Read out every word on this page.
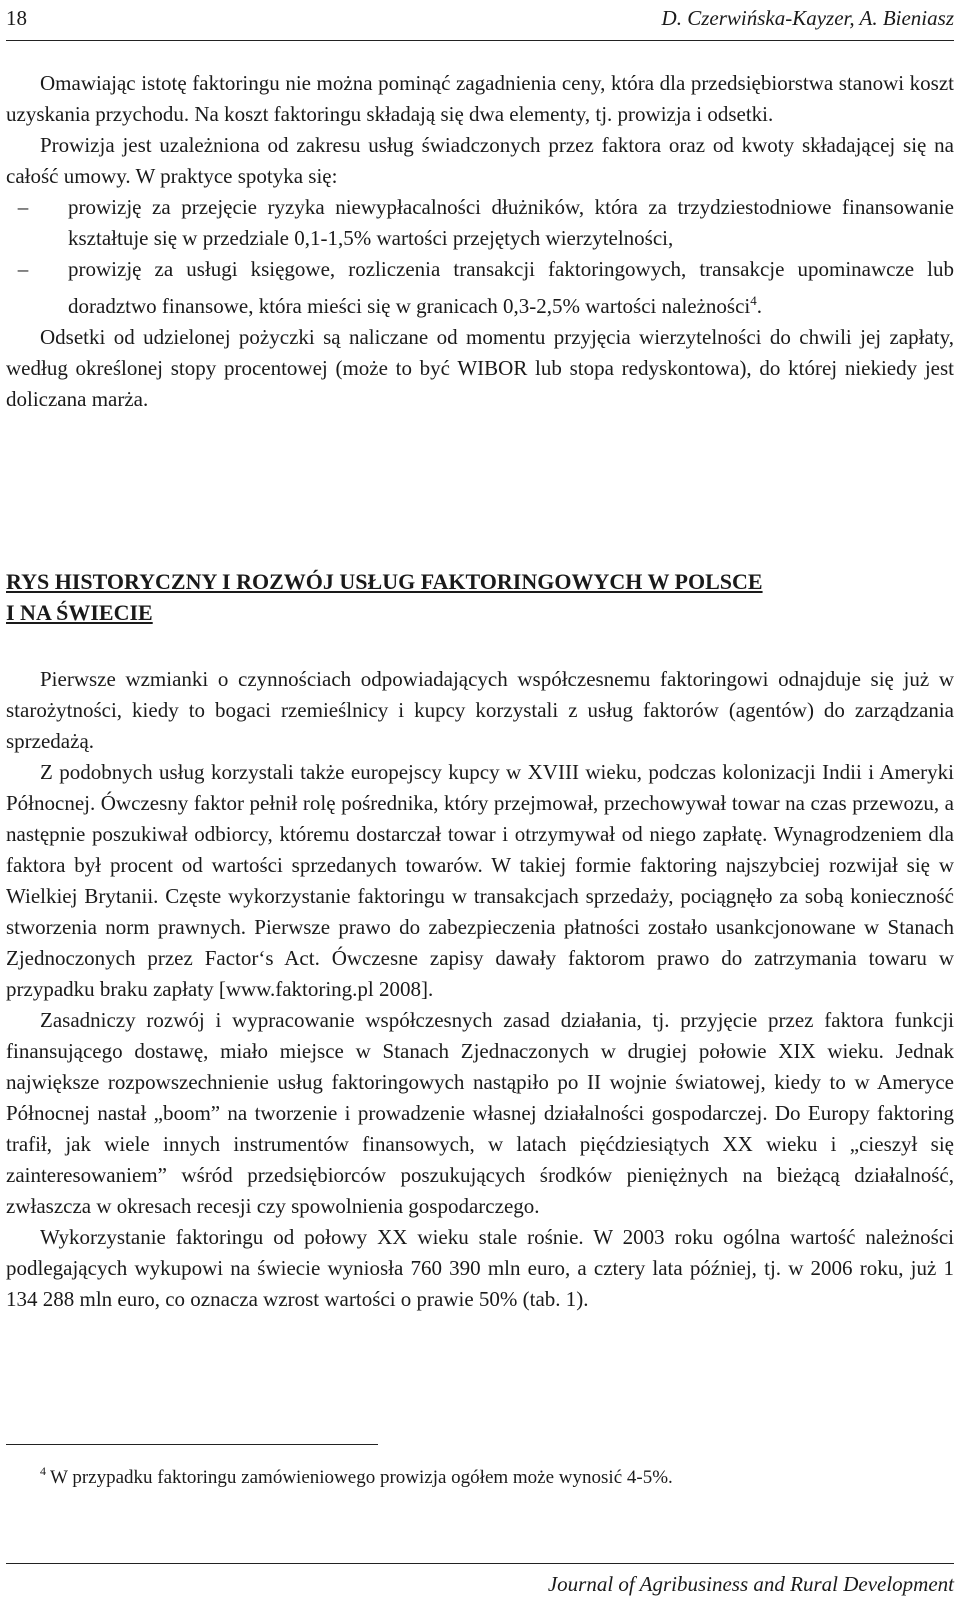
18	D. Czerwińska-Kayzer, A. Bieniasz

Omawiając istotę faktoringu nie można pominąć zagadnienia ceny, która dla przedsiębiorstwa stanowi koszt uzyskania przychodu. Na koszt faktoringu składają się dwa elementy, tj. prowizja i odsetki.

Prowizja jest uzależniona od zakresu usług świadczonych przez faktora oraz od kwoty składającej się na całość umowy. W praktyce spotyka się:

–	prowizję za przejęcie ryzyka niewypłacalności dłużników, która za trzydziestodniowe finansowanie kształtuje się w przedziale 0,1-1,5% wartości przejętych wierzytelności,
–	prowizję za usługi księgowe, rozliczenia transakcji faktoringowych, transakcje upominawcze lub doradztwo finansowe, która mieści się w granicach 0,3-2,5% wartości należności$^4$.

Odsetki od udzielonej pożyczki są naliczane od momentu przyjęcia wierzytelności do chwili jej zapłaty, według określonej stopy procentowej (może to być WIBOR lub stopa redyskontowa), do której niekiedy jest doliczana marża.

RYS HISTORYCZNY I ROZWÓJ USŁUG FAKTORINGOWYCH W POLSCE
I NA ŚWIECIE

Pierwsze wzmianki o czynnościach odpowiadających współczesnemu faktoringowi odnajduje się już w starożytności, kiedy to bogaci rzemieślnicy i kupcy korzystali z usług faktorów (agentów) do zarządzania sprzedażą.

Z podobnych usług korzystali także europejscy kupcy w XVIII wieku, podczas kolonizacji Indii i Ameryki Północnej. Ówczesny faktor pełnił rolę pośrednika, który przejmował, przechowywał towar na czas przewozu, a następnie poszukiwał odbiorcy, któremu dostarczał towar i otrzymywał od niego zapłatę. Wynagrodzeniem dla faktora był procent od wartości sprzedanych towarów. W takiej formie faktoring najszybciej rozwijał się w Wielkiej Brytanii. Częste wykorzystanie faktoringu w transakcjach sprzedaży, pociągnęło za sobą konieczność stworzenia norm prawnych. Pierwsze prawo do zabezpieczenia płatności zostało usankcjonowane w Stanach Zjednoczonych przez Factor‘s Act. Ówczesne zapisy dawały faktorom prawo do zatrzymania towaru w przypadku braku zapłaty [www.faktoring.pl 2008].

Zasadniczy rozwój i wypracowanie współczesnych zasad działania, tj. przyjęcie przez faktora funkcji finansującego dostawę, miało miejsce w Stanach Zjednaczonych w drugiej połowie XIX wieku. Jednak największe rozpowszechnienie usług faktoringowych nastąpiło po II wojnie światowej, kiedy to w Ameryce Północnej nastał „boom” na tworzenie i prowadzenie własnej działalności gospodarczej. Do Europy faktoring trafił, jak wiele innych instrumentów finansowych, w latach pięćdziesiątych XX wieku i „cieszył się zainteresowaniem” wśród przedsiębiorców poszukujących środków pieniężnych na bieżącą działalność, zwłaszcza w okresach recesji czy spowolnienia gospodarczego.

Wykorzystanie faktoringu od połowy XX wieku stale rośnie. W 2003 roku ogólna wartość należności podlegających wykupowi na świecie wyniosła 760 390 mln euro, a cztery lata później, tj. w 2006 roku, już 1 134 288 mln euro, co oznacza wzrost wartości o prawie 50% (tab. 1).

$^4$ W przypadku faktoringu zamówieniowego prowizja ogółem może wynosić 4-5%.
Journal of Agribusiness and Rural Development
